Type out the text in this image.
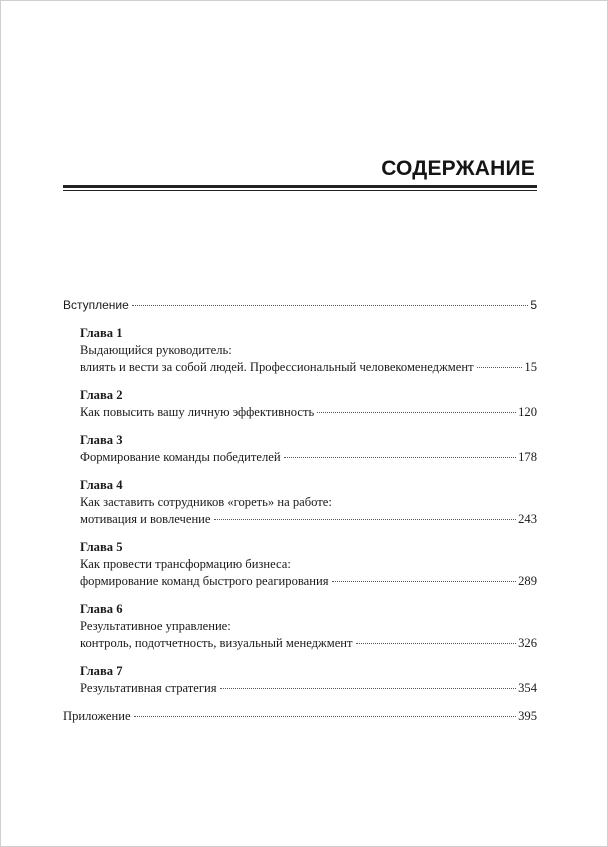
СОДЕРЖАНИЕ
Вступление	5
Глава 1
Выдающийся руководитель:
влиять и вести за собой людей. Профессиональный человекоменеджмент	15
Глава 2
Как повысить вашу личную эффективность	120
Глава 3
Формирование команды победителей	178
Глава 4
Как заставить сотрудников «гореть» на работе:
мотивация и вовлечение	243
Глава 5
Как провести трансформацию бизнеса:
формирование команд быстрого реагирования	289
Глава 6
Результативное управление:
контроль, подотчетность, визуальный менеджмент	326
Глава 7
Результативная стратегия	354
Приложение	395
